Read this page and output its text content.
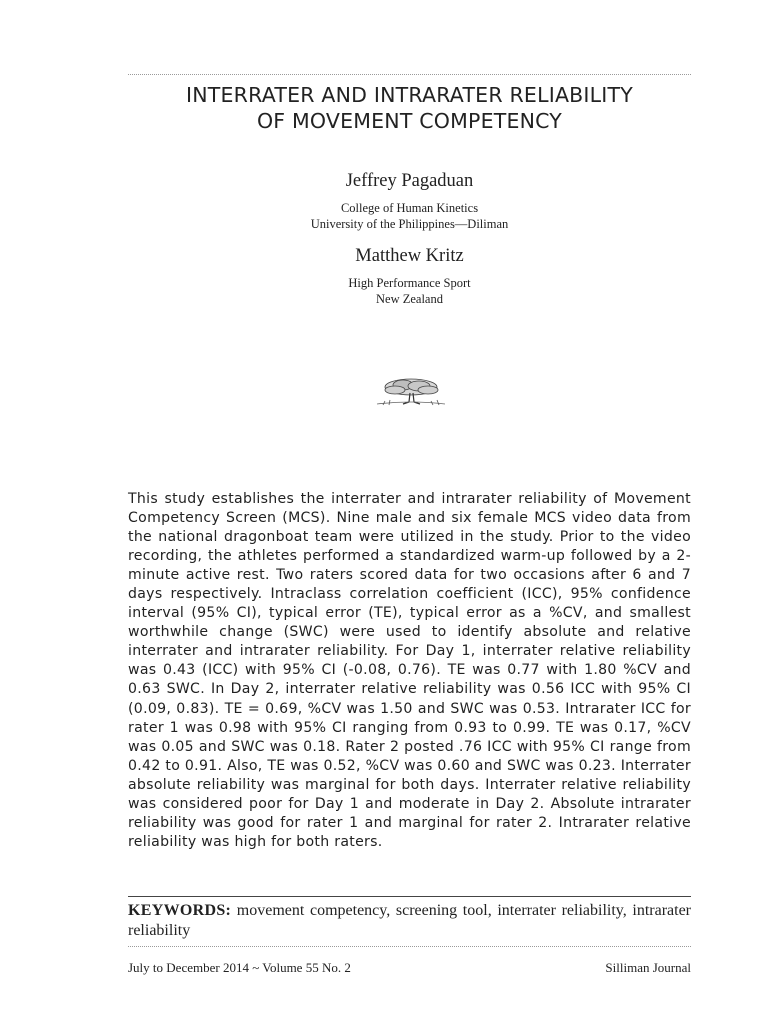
INTERRATER AND INTRARATER RELIABILITY
OF MOVEMENT COMPETENCY
Jeffrey Pagaduan
College of Human Kinetics
University of the Philippines—Diliman
Matthew Kritz
High Performance Sport
New Zealand

This study establishes the interrater and intrarater reliability of Movement Competency Screen (MCS). Nine male and six female MCS video data from the national dragonboat team were utilized in the study. Prior to the video recording, the athletes performed a standardized warm-up followed by a 2-minute active rest. Two raters scored data for two occasions after 6 and 7 days respectively. Intraclass correlation coefficient (ICC), 95% confidence interval (95% CI), typical error (TE), typical error as a %CV, and smallest worthwhile change (SWC) were used to identify absolute and relative interrater and intrarater reliability. For Day 1, interrater relative reliability was 0.43 (ICC) with 95% CI (-0.08, 0.76). TE was 0.77 with 1.80 %CV and 0.63 SWC. In Day 2, interrater relative reliability was 0.56 ICC with 95% CI (0.09, 0.83). TE = 0.69, %CV was 1.50 and SWC was 0.53. Intrarater ICC for rater 1 was 0.98 with 95% CI ranging from 0.93 to 0.99. TE was 0.17, %CV was 0.05 and SWC was 0.18. Rater 2 posted .76 ICC with 95% CI range from 0.42 to 0.91. Also, TE was 0.52, %CV was 0.60 and SWC was 0.23. Interrater absolute reliability was marginal for both days. Interrater relative reliability was considered poor for Day 1 and moderate in Day 2. Absolute intrarater reliability was good for rater 1 and marginal for rater 2. Intrarater relative reliability was high for both raters.

KEYWORDS: movement competency, screening tool, interrater reliability, intrarater reliability

July to December 2014 ~ Volume 55 No. 2	Silliman Journal
